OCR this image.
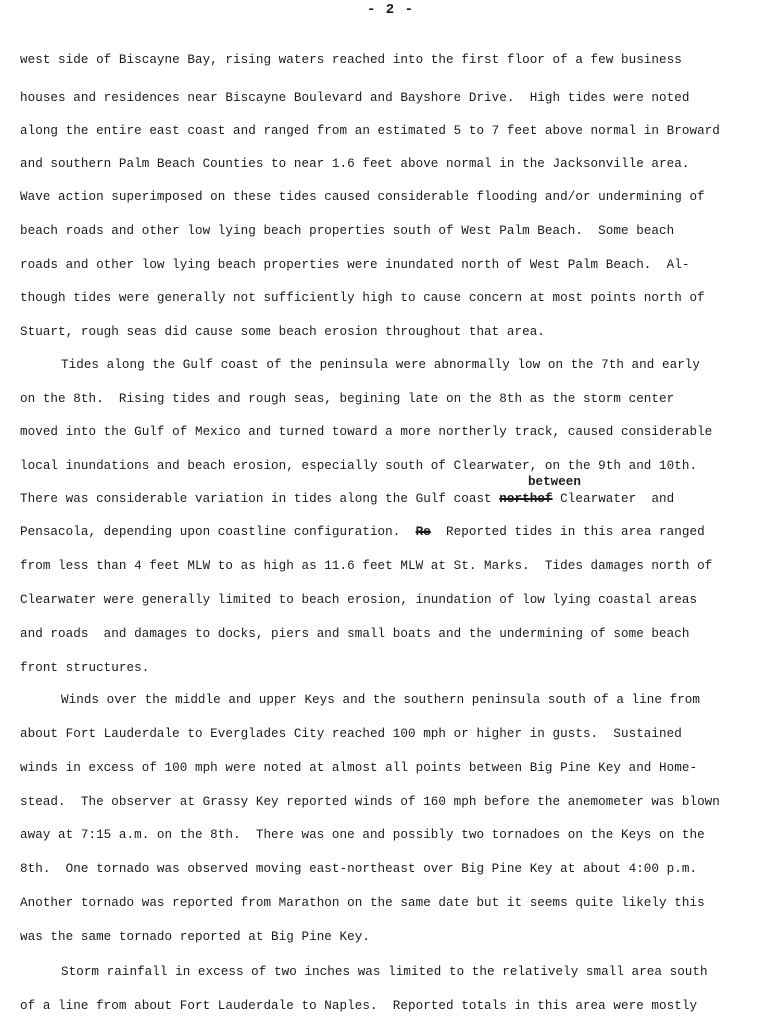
- 2 -
west side of Biscayne Bay, rising waters reached into the first floor of a few business
houses and residences near Biscayne Boulevard and Bayshore Drive.  High tides were noted
along the entire east coast and ranged from an estimated 5 to 7 feet above normal in Broward
and southern Palm Beach Counties to near 1.6 feet above normal in the Jacksonville area.
Wave action superimposed on these tides caused considerable flooding and/or undermining of
beach roads and other low lying beach properties south of West Palm Beach.  Some beach
roads and other low lying beach properties were inundated north of West Palm Beach.  Al-
though tides were generally not sufficiently high to cause concern at most points north of
Stuart, rough seas did cause some beach erosion throughout that area.
Tides along the Gulf coast of the peninsula were abnormally low on the 7th and early
on the 8th.  Rising tides and rough seas, begining late on the 8th as the storm center
moved into the Gulf of Mexico and turned toward a more northerly track, caused considerable
local inundations and beach erosion, especially south of Clearwater, on the 9th and 10th.
between
There was considerable variation in tides along the Gulf coast northof Clearwater  and
Pensacola, depending upon coastline configuration.  Re  Reported tides in this area ranged
from less than 4 feet MLW to as high as 11.6 feet MLW at St. Marks.  Tides damages north of
Clearwater were generally limited to beach erosion, inundation of low lying coastal areas
and roads  and damages to docks, piers and small boats and the undermining of some beach
front structures.
Winds over the middle and upper Keys and the southern peninsula south of a line from
about Fort Lauderdale to Everglades City reached 100 mph or higher in gusts.  Sustained
winds in excess of 100 mph were noted at almost all points between Big Pine Key and Home-
stead.  The observer at Grassy Key reported winds of 160 mph before the anemometer was blown
away at 7:15 a.m. on the 8th.  There was one and possibly two tornadoes on the Keys on the
8th.  One tornado was observed moving east-northeast over Big Pine Key at about 4:00 p.m.
Another tornado was reported from Marathon on the same date but it seems quite likely this
was the same tornado reported at Big Pine Key.
Storm rainfall in excess of two inches was limited to the relatively small area south
of a line from about Fort Lauderdale to Naples.  Reported totals in this area were mostly
